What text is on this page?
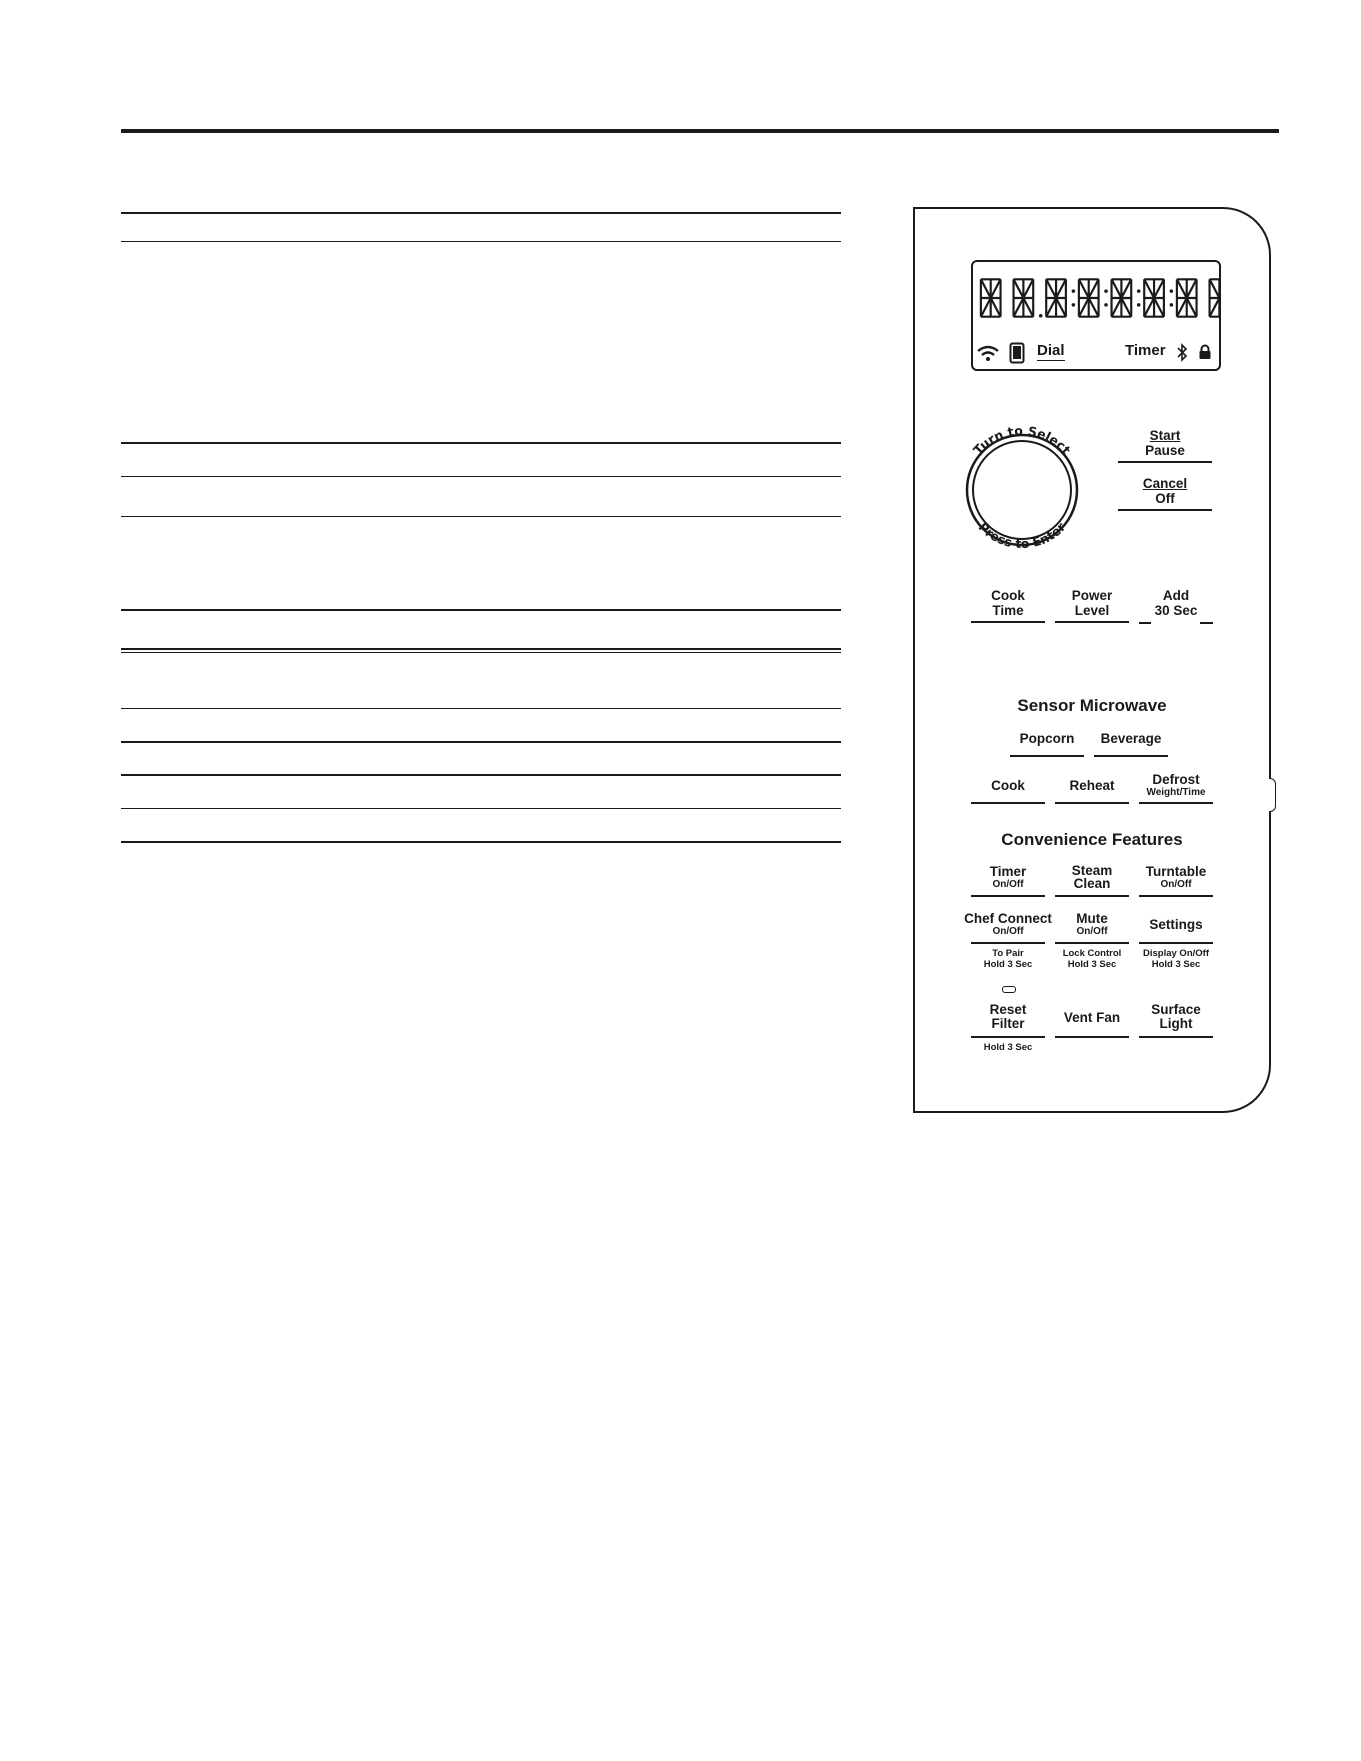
Dial	Timer
Turn to Select
Press to Enter
Start
Pause
Cancel
Off
Cook
Time
Power
Level
Add
30 Sec
Sensor Microwave
Popcorn	Beverage
Cook	Reheat	Defrost
Weight/Time
Convenience Features
Timer
On/Off
Steam
Clean
Turntable
On/Off
Chef Connect
On/Off
To Pair
Hold 3 Sec
Mute
On/Off
Lock Control
Hold 3 Sec
Settings
Display On/Off
Hold 3 Sec
Reset
Filter
Hold 3 Sec
Vent Fan
Surface
Light
